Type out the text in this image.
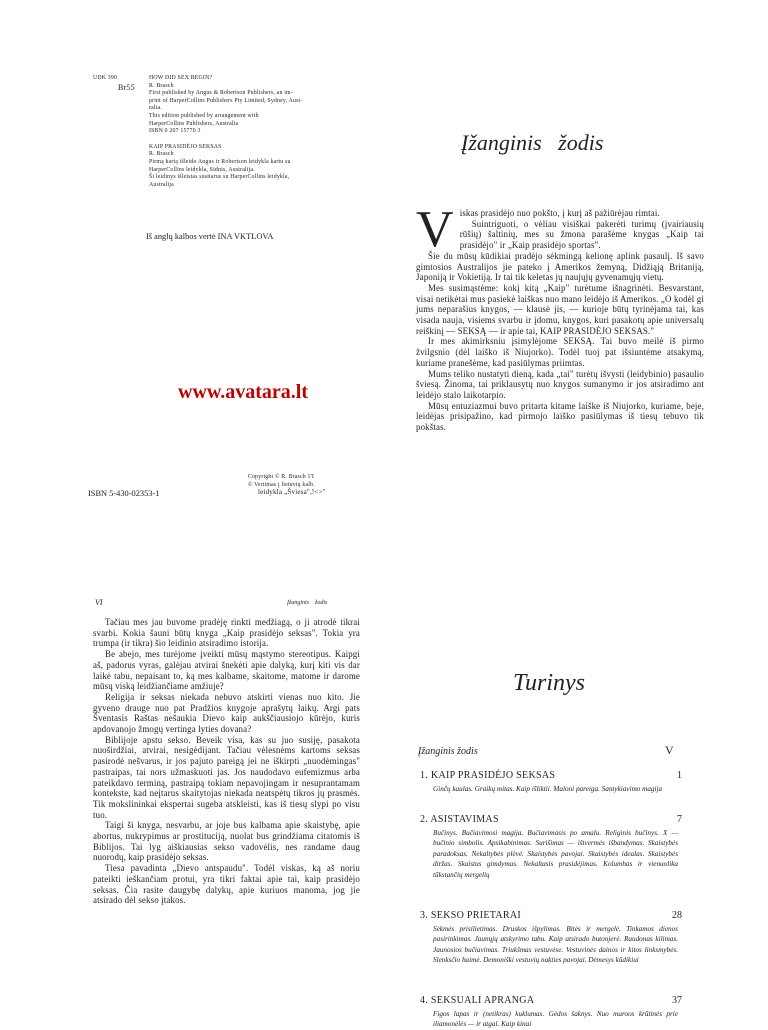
UDK 390
Br55
HOW DID SEX BEGIN?
R. Brasch
First published by Angus & Robertson Publishers, an im-
print of HarperCollins Publishers Pty Limited, Sydney, Aust-
ralia.
This edition published by arrangement with
HarperCollins Publishers, Australia
ISBN 0 207 15770 3
KAIP PRASIDĖJO SEKSAS
R. Brasch
Pirmą kartą išleido Angus ir Robertson leidykla kartu su
HarperCollins leidykla, Sidnis, Australija.
Ši leidinys išleistas susitarus su HarperCollins leidykla,
Australija
Iš anglų kalbos vertė INA VKTLOVA
www.avatara.lt
ISBN 5-430-02353-1
Copyright © R. Brasch 1'I
© Vertimas į lietuvių kalb.
leidykla „Šviesa",!<>"
Įžanginis   žodis
V iskas prasidėjo nuo pokšto, į kurį aš pažiūrėjau rimtai.

Suintriguoti, o vėliau visiškai pakerėti turimų (įvairiausių rūšių) šaltinių, mes su žmona parašėme knygas „Kaip tai prasidėjo" ir „Kaip prasidėjo sportas".

Šie du mūsų kūdikiai pradėjo sėkmingą kelionę aplink pasaulį. Iš savo gimtosios Australijos jie pateko į Amerikos žemyną, Didžiąją Britaniją, Japoniją ir Vokietiją. Ir tai tik keletas jų naujųjų gyvenamųjų vietų.

Mes susimąstėme: kokį kitą „Kaip" turėtume išnagrinėti. Besvarstant, visai netikėtai mus pasiekė laiškas nuo mano leidėjo iš Amerikos. „O kodėl gi jums neparašius knygos, — klausė jis, — kurioje būtų tyrinėjama tai, kas visada nauja, visiems svarbu ir įdomu, knygos, kuri pasakotų apie universalų reiškinį — SEKSĄ — ir apie tai, KAIP PRASIDĖJO SEKSAS."

Ir mes akimirksniu įsimylėjome SEKSĄ. Tai buvo meilė iš pirmo žvilgsnio (dėl laiško iš Niujorko). Todėl tuoj pat išsiuntėme atsakymą, kuriame pranešėme, kad pasiūlymas priimtas.

Mums teliko nustatyti dieną, kada „tai" turėtų išvysti (leidybinio) pasaulio šviesą. Žinoma, tai priklausytų nuo knygos sumanymo ir jos atsiradimo ant leidėjo stalo laikotarpio.

Mūsų entuziazmui buvo pritarta kitame laiške iš Niujorko, kuriame, beje, leidėjas prisipažino, kad pirmojo laiško pasiūlymas iš tiesų tebuvo tik pokštas.

VI	Įžanginis    žodis

Tačiau mes jau buvome pradėję rinkti medžiagą, o ji atrodė tikrai svarbi. Kokia šauni būtų knyga „Kaip prasidėjo seksas". Tokia yra trumpa (ir tikra) šio leidinio atsiradimo istorija.

Be abejo, mes turėjome įveikti mūsų mąstymo stereotipus. Kaipgi aš, padorus vyras, galėjau atvirai šnekėti apie dalyką, kurį kiti vis dar laikė tabu, nepaisant to, ką mes kalbame, skaitome, matome ir darome mūsų viską leidžiančiame amžiuje?

Religija ir seksas niekada nebuvo atskirti vienas nuo kito. Jie gyveno drauge nuo pat Pradžios knygoje aprašytų laikų. Argi pats Šventasis Raštas nešaukia Dievo kaip aukščiausiojo kūrėjo, kuris apdovanojo žmogų vertinga lyties dovana?

Biblijoje apstu sekso. Beveik visa, kas su juo susiję, pasakota nuoširdžiai, atvirai, nesigėdijant. Tačiau vėlesnėms kartoms seksas pasirodė nešvarus, ir jos pajuto pareigą jei ne iškirpti „nuodėmingas" pastraipas, tai nors užmaskuoti jas. Jos naudodavo eufemizmus arba pateikdavo terminą, pastraipą tokiam nepavojingam ir nesuprantamam kontekste, kad neįtarus skaitytojas niekada neatspėtų tikros jų prasmės. Tik mokslininkai ekspertai sugeba atskleisti, kas iš tiesų slypi po visu tuo.

Taigi ši knyga, nesvarbu, ar joje bus kalbama apie skaistybę, apie abortus, nukrypimus ar prostituciją, nuolat bus grindžiama citatomis iš Biblijos. Tai lyg aiškiausias sekso vadovėlis, nes randame daug nuorodų, kaip prasidėjo seksas.

Tiesa pavadinta „Dievo antspaudu". Todėl viskas, ką aš noriu pateikti ieškančiam protui, yra tikri faktai apie tai, kaip prasidėjo seksas. Čia rasite daugybę dalykų, apie kuriuos manoma, jog jie atsirado dėl sekso įtakos.

Turinys
Įžanginis žodis	V
1. KAIP PRASIDĖJO SEKSAS	1
Ginčų kaulas. Graikų mitas. Kaip išliktii. Maloni pareiga. Santykiavimo magija
2. ASISTAVIMAS	7
Bučinys. Bučiavimosi magija. Bučiavimasis po amalu. Religinis bučinys. X — bučinio simbolis. Apsikabinimas. Surišimas — ištvermės išbandymas. Skaistybės paradoksas. Nekaltybės plėvė. Skaistybės pavojai. Skaistybės idealas. Skaistybės diržas. Skaistus gimdymas. Nekaltasis prasidėjimas. Kolumbas ir vienuolika tūkstančių mergelių
3. SEKSO PRIETARAI	28
Sėkmės prisilietimas. Druskos išpylimas. Bitės ir mergelė. Tinkamos dienos pasirinkimas. Jaunųjų atskyrimo tabu. Kaip atsirado butonjerė. Raudonas kilimas. Jaunosios bučiavimas. Triukšmas vestuvėse. Vestuvinės dainos ir kitos linksmybės. Slenksčio baimė. Demoniški vestuvių nakties pavojai. Dėmesys kūdikiui
4. SEKSUALI APRANGA	37
Figos lapas ir (netikras) kuklumas. Gėdos šaknys. Nuo maroos krūtinės prie iliamonėlės — ir atgal. Kaip kinai
